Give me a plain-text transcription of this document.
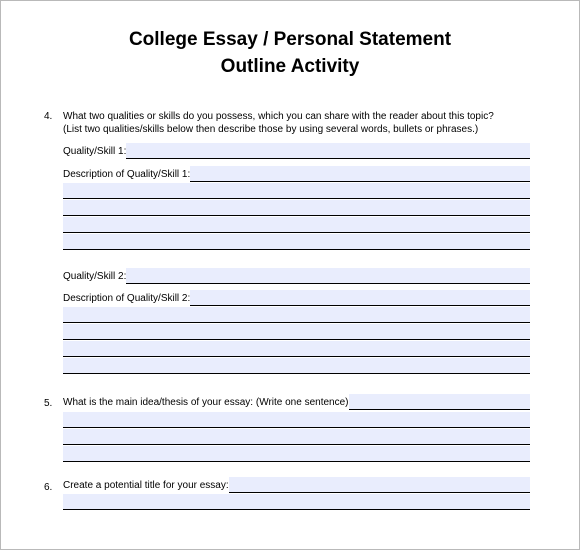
College Essay / Personal Statement
Outline Activity
4. What two qualities or skills do you possess, which you can share with the reader about this topic?
(List two qualities/skills below then describe those by using several words, bullets or phrases.)
Quality/Skill 1:
Description of Quality/Skill 1:
Quality/Skill 2:
Description of Quality/Skill 2:
5. What is the main idea/thesis of your essay: (Write one sentence)
6. Create a potential title for your essay:
